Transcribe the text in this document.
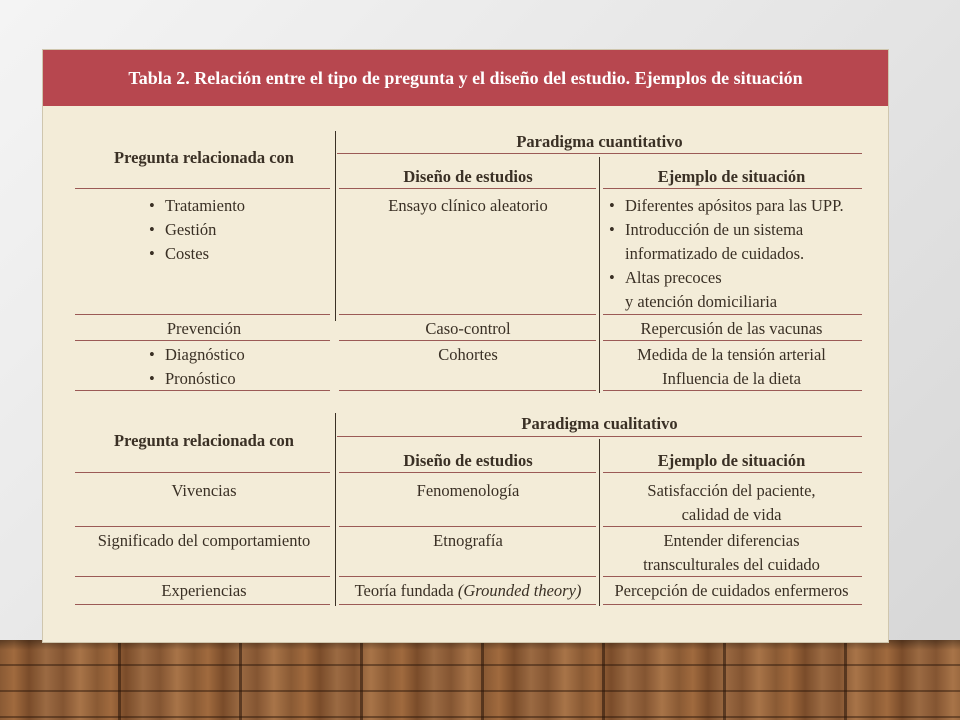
Tabla 2. Relación entre el tipo de pregunta y el diseño del estudio. Ejemplos de situación
Paradigma cuantitativo
Pregunta relacionada con
Diseño de estudios	Ejemplo de situación
• Tratamiento
• Gestión
• Costes
Ensayo clínico aleatorio
•	Diferentes apósitos para las UPP.
• Introducción de un sistema
informatizado de cuidados.
• Altas precoces
y atención domiciliaria
Prevención	Caso-control	Repercusión de las vacunas
• Diagnóstico
• Pronóstico
Cohortes	Medida de la tensión arterial
Influencia de la dieta
Paradigma cualitativo
Pregunta relacionada con
Diseño de estudios	Ejemplo de situación
Vivencias	Fenomenología	Satisfacción del paciente,
calidad de vida
Significado del comportamiento	Etnografía	Entender diferencias
transculturales del cuidado
Experiencias	Teoría fundada (Grounded theory)	Percepción de cuidados enfermeros
